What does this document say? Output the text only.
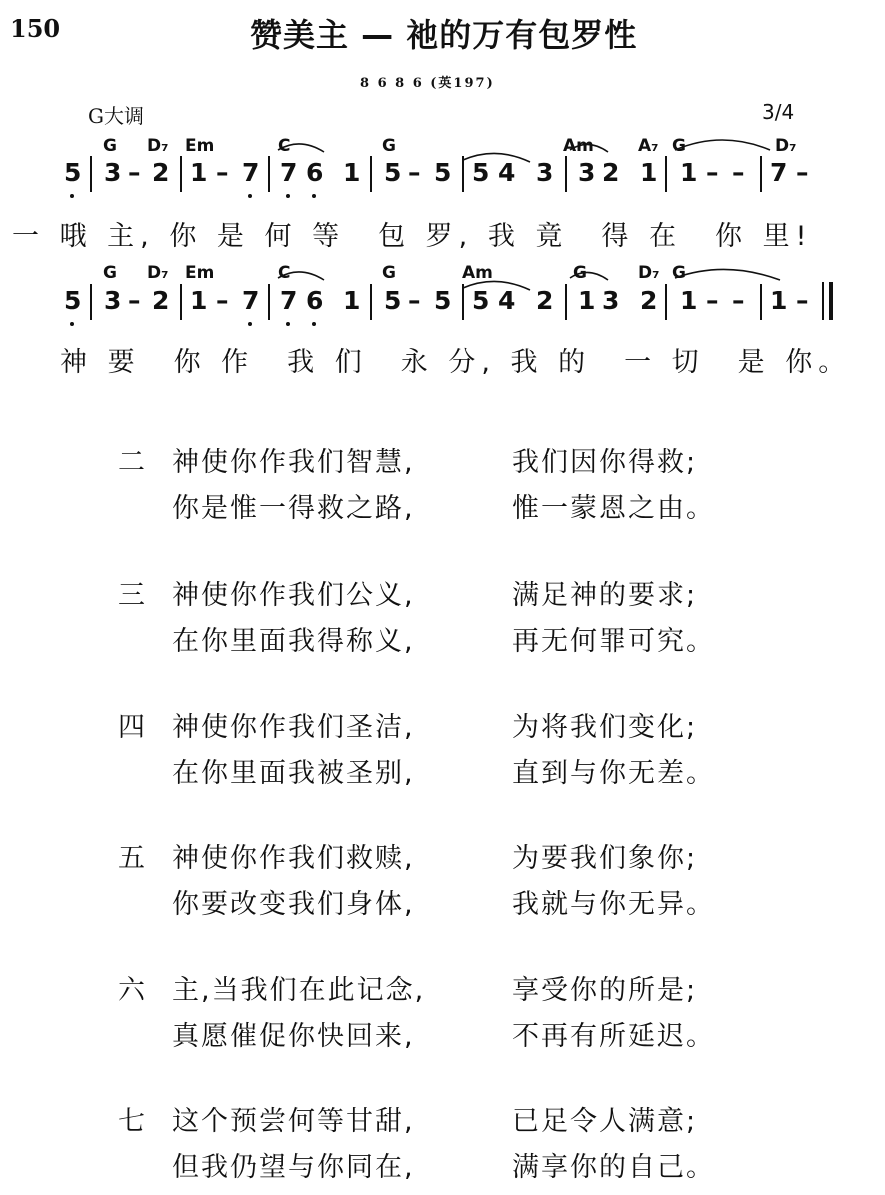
150	赞美主 — 祂的万有包罗性
8 6 8 6 (英197)
G大调	3/4
G D₇ Em	C	G	Am	A₇ G	D₇
5 3 – 2 1 – 7 7 6 1 5 – 5 5 4 3 3 2 1 1 – – 7 –
一 哦 主, 你 是 何 等　包 罗, 我 竟　得 在　你 里!
G D₇ Em	C	G	Am	G	D₇ G
5 3 – 2 1 – 7 7 6 1 5 – 5 5 4 2 1 3 2 1 – – 1 –
神 要　你 作　我 们　永 分, 我 的　一 切　是 你。
二 神使你作我们智慧,	我们因你得救;
你是惟一得救之路,	惟一蒙恩之由。
三 神使你作我们公义,	满足神的要求;
在你里面我得称义,	再无何罪可究。
四 神使你作我们圣洁,	为将我们变化;
在你里面我被圣别,	直到与你无差。
五 神使你作我们救赎,	为要我们象你;
你要改变我们身体,	我就与你无异。
六 主,当我们在此记念,	享受你的所是;
真愿催促你快回来,	不再有所延迟。
七 这个预尝何等甘甜,	已足令人满意;
但我仍望与你同在,	满享你的自己。
